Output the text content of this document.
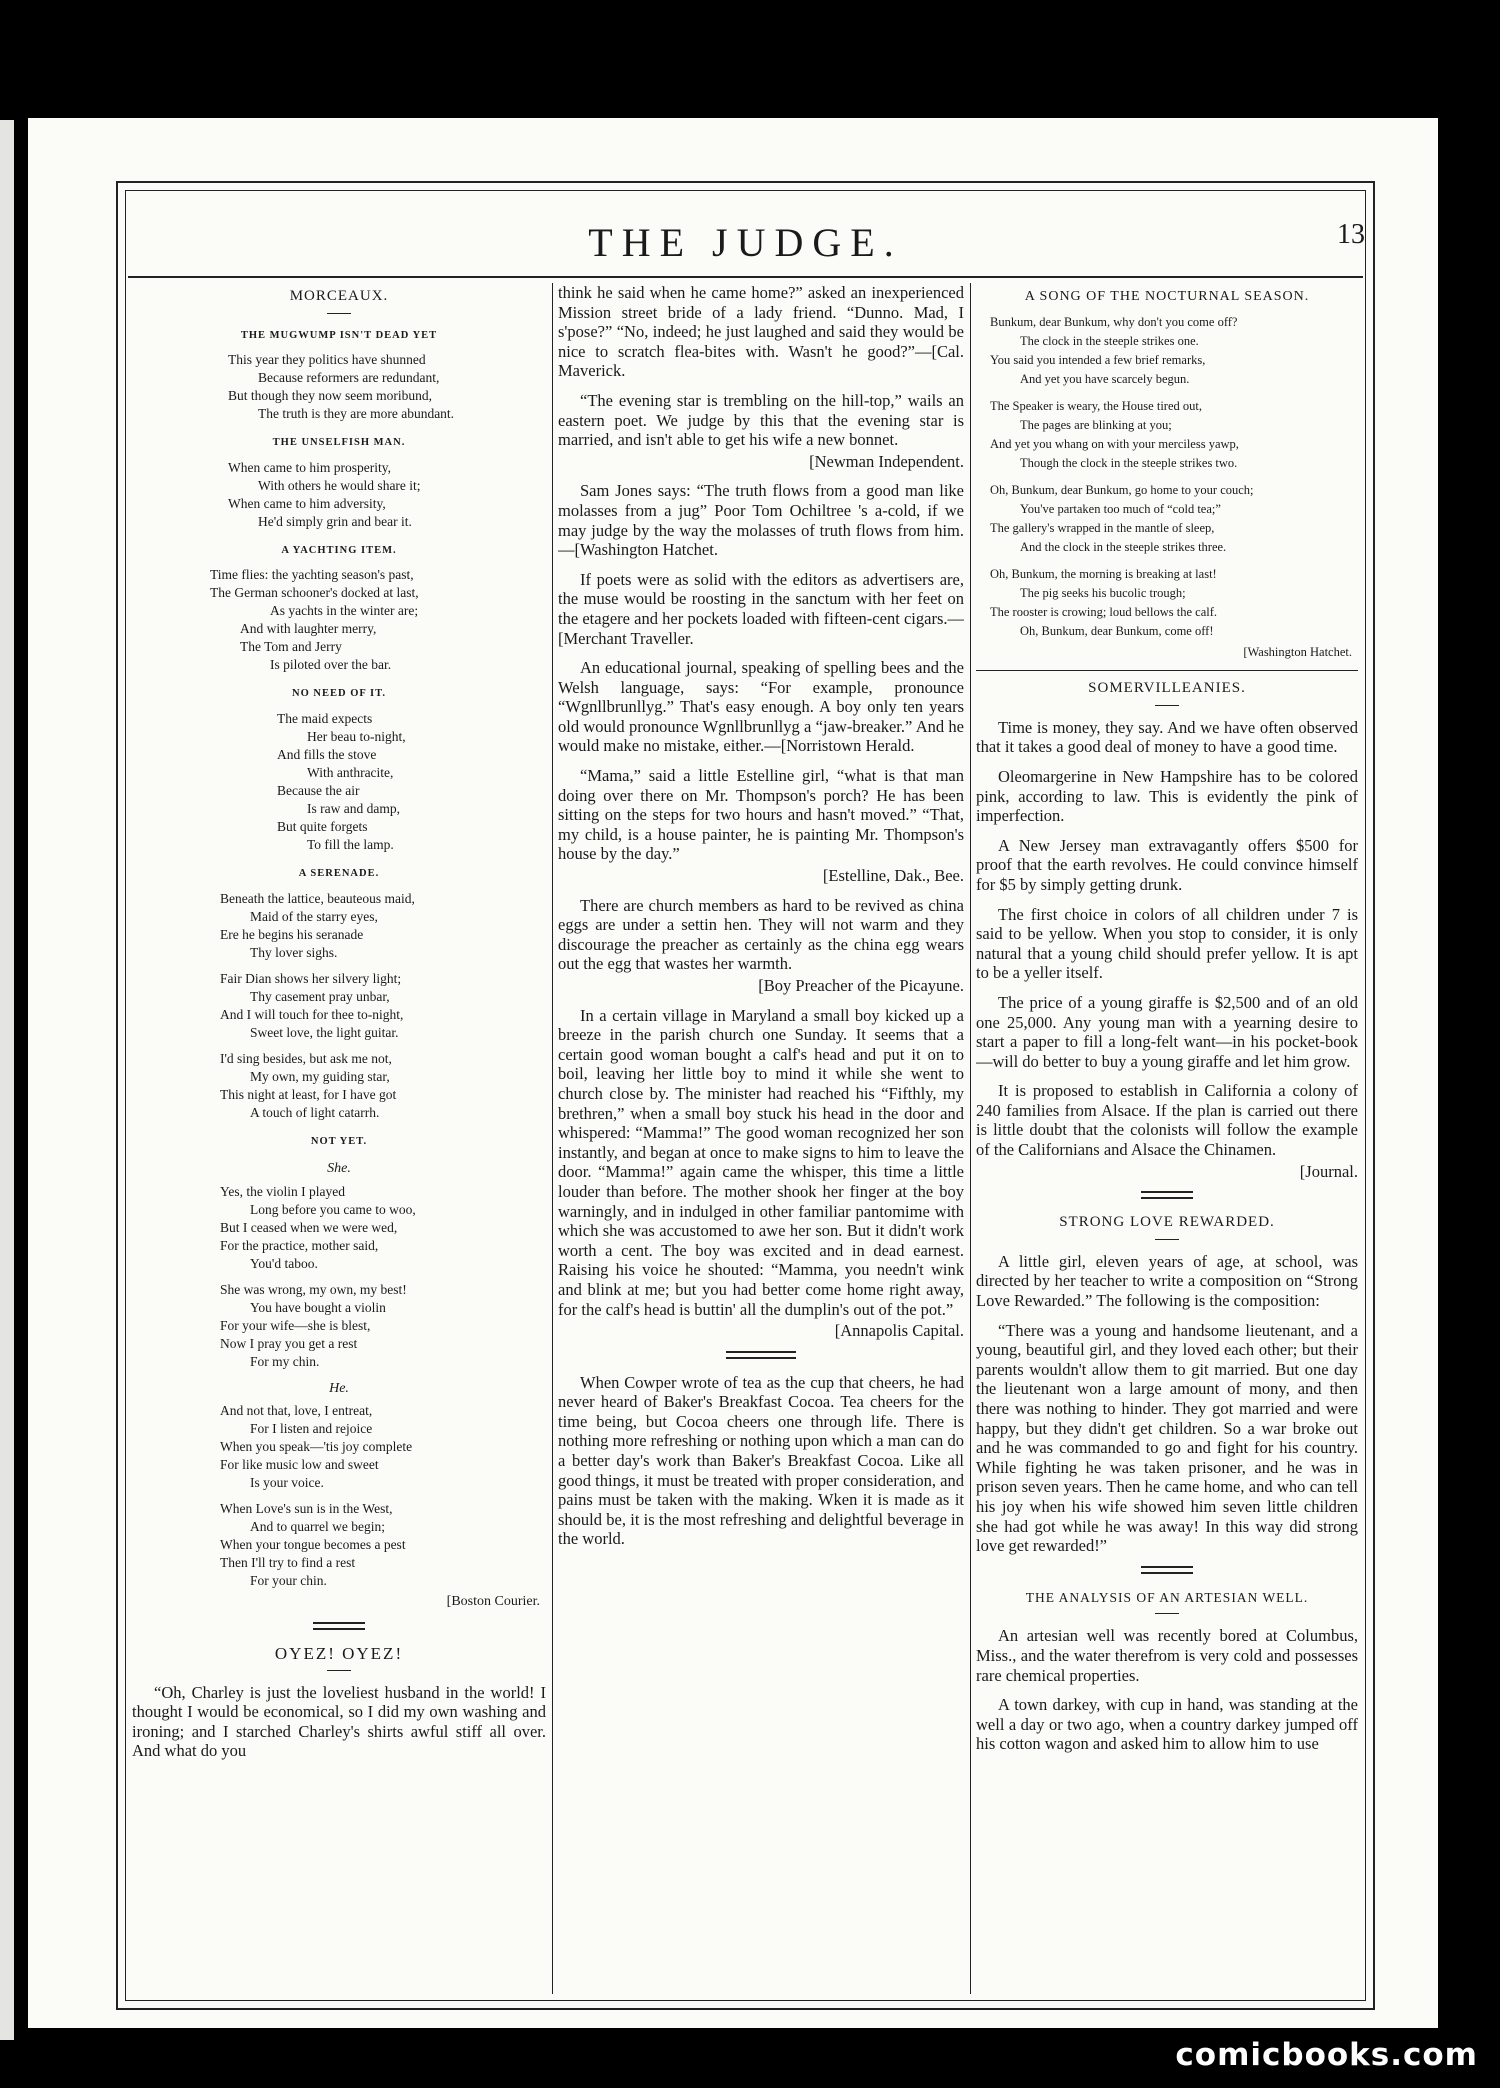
THE JUDGE.	13
MORCEAUX.
THE MUGWUMP ISN'T DEAD YET
This year they politics have shunned
Because reformers are redundant,
But though they now seem moribund,
The truth is they are more abundant.
THE UNSELFISH MAN.
When came to him prosperity,
With others he would share it;
When came to him adversity,
He'd simply grin and bear it.
A YACHTING ITEM.
Time flies: the yachting season's past,
The German schooner's docked at last,
As yachts in the winter are;
And with laughter merry,
The Tom and Jerry
Is piloted over the bar.
NO NEED OF IT.
The maid expects
Her beau to-night,
And fills the stove
With anthracite,
Because the air
Is raw and damp,
But quite forgets
To fill the lamp.
A SERENADE.
Beneath the lattice, beauteous maid,
Maid of the starry eyes,
Ere he begins his seranade
Thy lover sighs.
Fair Dian shows her silvery light;
Thy casement pray unbar,
And I will touch for thee to-night,
Sweet love, the light guitar.
I'd sing besides, but ask me not,
My own, my guiding star,
This night at least, for I have got
A touch of light catarrh.
NOT YET.
She.
Yes, the violin I played
Long before you came to woo,
But I ceased when we were wed,
For the practice, mother said,
You'd taboo.
She was wrong, my own, my best!
You have bought a violin
For your wife—she is blest,
Now I pray you get a rest
For my chin.
He.
And not that, love, I entreat,
For I listen and rejoice
When you speak—'tis joy complete
For like music low and sweet
Is your voice.
When Love's sun is in the West,
And to quarrel we begin;
When your tongue becomes a pest
Then I'll try to find a rest
For your chin.
[Boston Courier.
OYEZ! OYEZ!

“Oh, Charley is just the loveliest husband in the world! I thought I would be economical, so I did my own washing and ironing; and I starched Charley's shirts awful stiff all over. And what do you

think he said when he came home?” asked an inexperienced Mission street bride of a lady friend. “Dunno. Mad, I s'pose?” “No, indeed; he just laughed and said they would be nice to scratch flea-bites with. Wasn't he good?”—[Cal. Maverick.

“The evening star is trembling on the hill-top,” wails an eastern poet. We judge by this that the evening star is married, and isn't able to get his wife a new bonnet.

[Newman Independent.

Sam Jones says: “The truth flows from a good man like molasses from a jug” Poor Tom Ochiltree 's a-cold, if we may judge by the way the molasses of truth flows from him.—[Washington Hatchet.

If poets were as solid with the editors as advertisers are, the muse would be roosting in the sanctum with her feet on the etagere and her pockets loaded with fifteen-cent cigars.—[Merchant Traveller.

An educational journal, speaking of spelling bees and the Welsh language, says: “For example, pronounce “Wgnllbrunllyg.” That's easy enough. A boy only ten years old would pronounce Wgnllbrunllyg a “jaw-breaker.” And he would make no mistake, either.—[Norristown Herald.

“Mama,” said a little Estelline girl, “what is that man doing over there on Mr. Thompson's porch? He has been sitting on the steps for two hours and hasn't moved.” “That, my child, is a house painter, he is painting Mr. Thompson's house by the day.”

[Estelline, Dak., Bee.

There are church members as hard to be revived as china eggs are under a settin hen. They will not warm and they discourage the preacher as certainly as the china egg wears out the egg that wastes her warmth.

[Boy Preacher of the Picayune.

In a certain village in Maryland a small boy kicked up a breeze in the parish church one Sunday. It seems that a certain good woman bought a calf's head and put it on to boil, leaving her little boy to mind it while she went to church close by. The minister had reached his “Fifthly, my brethren,” when a small boy stuck his head in the door and whispered: “Mamma!” The good woman recognized her son instantly, and began at once to make signs to him to leave the door. “Mamma!” again came the whisper, this time a little louder than before. The mother shook her finger at the boy warningly, and in indulged in other familiar pantomime with which she was accustomed to awe her son. But it didn't work worth a cent. The boy was excited and in dead earnest. Raising his voice he shouted: “Mamma, you needn't wink and blink at me; but you had better come home right away, for the calf's head is buttin' all the dumplin's out of the pot.”

[Annapolis Capital.

When Cowper wrote of tea as the cup that cheers, he had never heard of Baker's Breakfast Cocoa. Tea cheers for the time being, but Cocoa cheers one through life. There is nothing more refreshing or nothing upon which a man can do a better day's work than Baker's Breakfast Cocoa. Like all good things, it must be treated with proper consideration, and pains must be taken with the making. Wken it is made as it should be, it is the most refreshing and delightful beverage in the world.

A SONG OF THE NOCTURNAL SEASON.
Bunkum, dear Bunkum, why don't you come off?
The clock in the steeple strikes one.
You said you intended a few brief remarks,
And yet you have scarcely begun.
The Speaker is weary, the House tired out,
The pages are blinking at you;
And yet you whang on with your merciless yawp,
Though the clock in the steeple strikes two.
Oh, Bunkum, dear Bunkum, go home to your couch;
You've partaken too much of “cold tea;”
The gallery's wrapped in the mantle of sleep,
And the clock in the steeple strikes three.
Oh, Bunkum, the morning is breaking at last!
The pig seeks his bucolic trough;
The rooster is crowing; loud bellows the calf.
Oh, Bunkum, dear Bunkum, come off!
[Washington Hatchet.
SOMERVILLEANIES.

Time is money, they say. And we have often observed that it takes a good deal of money to have a good time.

Oleomargerine in New Hampshire has to be colored pink, according to law. This is evidently the pink of imperfection.

A New Jersey man extravagantly offers $500 for proof that the earth revolves. He could convince himself for $5 by simply getting drunk.

The first choice in colors of all children under 7 is said to be yellow. When you stop to consider, it is only natural that a young child should prefer yellow. It is apt to be a yeller itself.

The price of a young giraffe is $2,500 and of an old one 25,000. Any young man with a yearning desire to start a paper to fill a long-felt want—in his pocket-book—will do better to buy a young giraffe and let him grow.

It is proposed to establish in California a colony of 240 families from Alsace. If the plan is carried out there is little doubt that the colonists will follow the example of the Californians and Alsace the Chinamen.

[Journal.

STRONG LOVE REWARDED.

A little girl, eleven years of age, at school, was directed by her teacher to write a composition on “Strong Love Rewarded.” The following is the composition:

“There was a young and handsome lieutenant, and a young, beautiful girl, and they loved each other; but their parents wouldn't allow them to git married. But one day the lieutenant won a large amount of mony, and then there was nothing to hinder. They got married and were happy, but they didn't get children. So a war broke out and he was commanded to go and fight for his country. While fighting he was taken prisoner, and he was in prison seven years. Then he came home, and who can tell his joy when his wife showed him seven little children she had got while he was away! In this way did strong love get rewarded!”

THE ANALYSIS OF AN ARTESIAN WELL.

An artesian well was recently bored at Columbus, Miss., and the water therefrom is very cold and possesses rare chemical properties.

A town darkey, with cup in hand, was standing at the well a day or two ago, when a country darkey jumped off his cotton wagon and asked him to allow him to use

comicbooks.com
